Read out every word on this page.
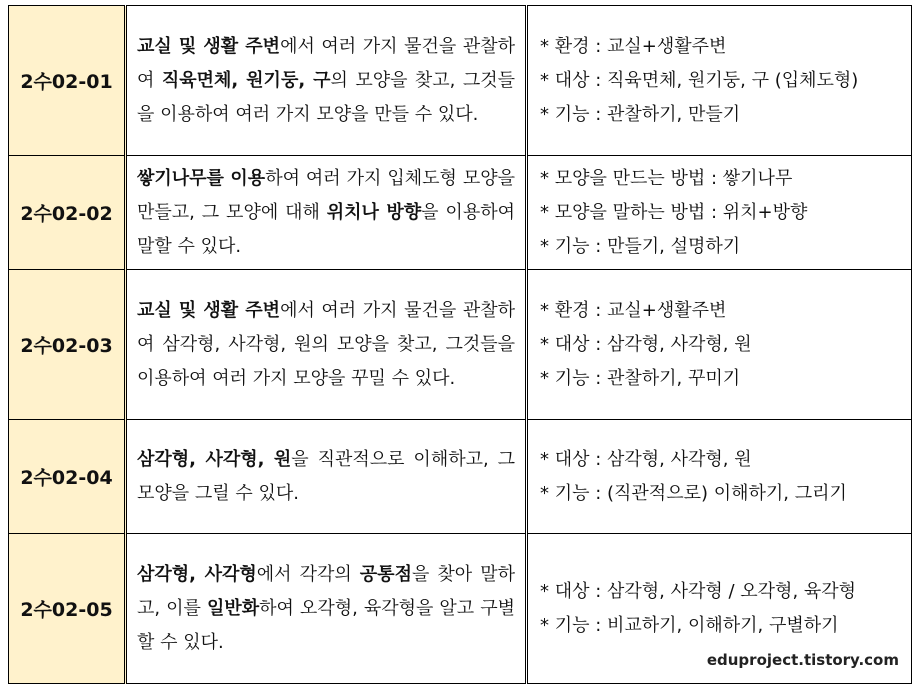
2수02-01	교실 및 생활 주변에서 여러 가지 물건을 관찰하여 직육면체, 원기둥, 구의 모양을 찾고, 그것들을 이용하여 여러 가지 모양을 만들 수 있다.	* 환경 : 교실+생활주변
* 대상 : 직육면체, 원기둥, 구 (입체도형)
* 기능 : 관찰하기, 만들기

2수02-02	쌓기나무를 이용하여 여러 가지 입체도형 모양을 만들고, 그 모양에 대해 위치나 방향을 이용하여 말할 수 있다.	* 모양을 만드는 방법 : 쌓기나무
* 모양을 말하는 방법 : 위치+방향
* 기능 : 만들기, 설명하기

2수02-03	교실 및 생활 주변에서 여러 가지 물건을 관찰하여 삼각형, 사각형, 원의 모양을 찾고, 그것들을 이용하여 여러 가지 모양을 꾸밀 수 있다.	* 환경 : 교실+생활주변
* 대상 : 삼각형, 사각형, 원
* 기능 : 관찰하기, 꾸미기

2수02-04	삼각형, 사각형, 원을 직관적으로 이해하고, 그 모양을 그릴 수 있다.	* 대상 : 삼각형, 사각형, 원
* 기능 : (직관적으로) 이해하기, 그리기

2수02-05	삼각형, 사각형에서 각각의 공통점을 찾아 말하고, 이를 일반화하여 오각형, 육각형을 알고 구별할 수 있다.	* 대상 : 삼각형, 사각형 / 오각형, 육각형
* 기능 : 비교하기, 이해하기, 구별하기
eduproject.tistory.com
